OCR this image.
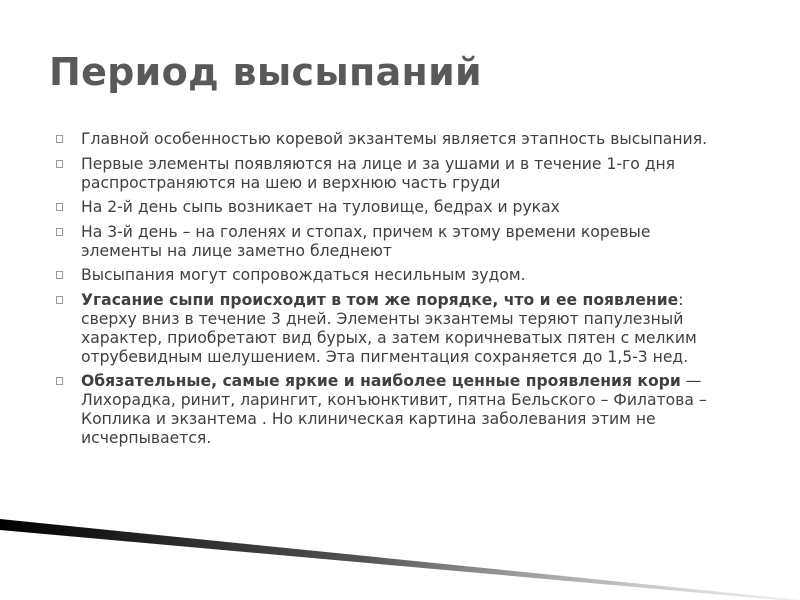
Период высыпаний
Главной особенностью коревой экзантемы является этапность высыпания.
Первые элементы появляются на лице и за ушами и в течение 1-го дня распространяются на шею и верхнюю часть груди
На 2-й день сыпь возникает на туловище, бедрах и руках
На 3-й день – на голенях и стопах, причем к этому времени коревые элементы на лице заметно бледнеют
Высыпания могут сопровождаться несильным зудом.
Угасание сыпи происходит в том же порядке, что и ее появление: сверху вниз в течение 3 дней. Элементы экзантемы теряют папулезный характер, приобретают вид бурых, а затем коричневатых пятен с мелким отрубевидным шелушением. Эта пигментация сохраняется до 1,5-3 нед.
Обязательные, самые яркие и наиболее ценные проявления кори — Лихорадка, ринит, ларингит, конъюнктивит, пятна Бельского – Филатова – Коплика и экзантема . Но клиническая картина заболевания этим не исчерпывается.
